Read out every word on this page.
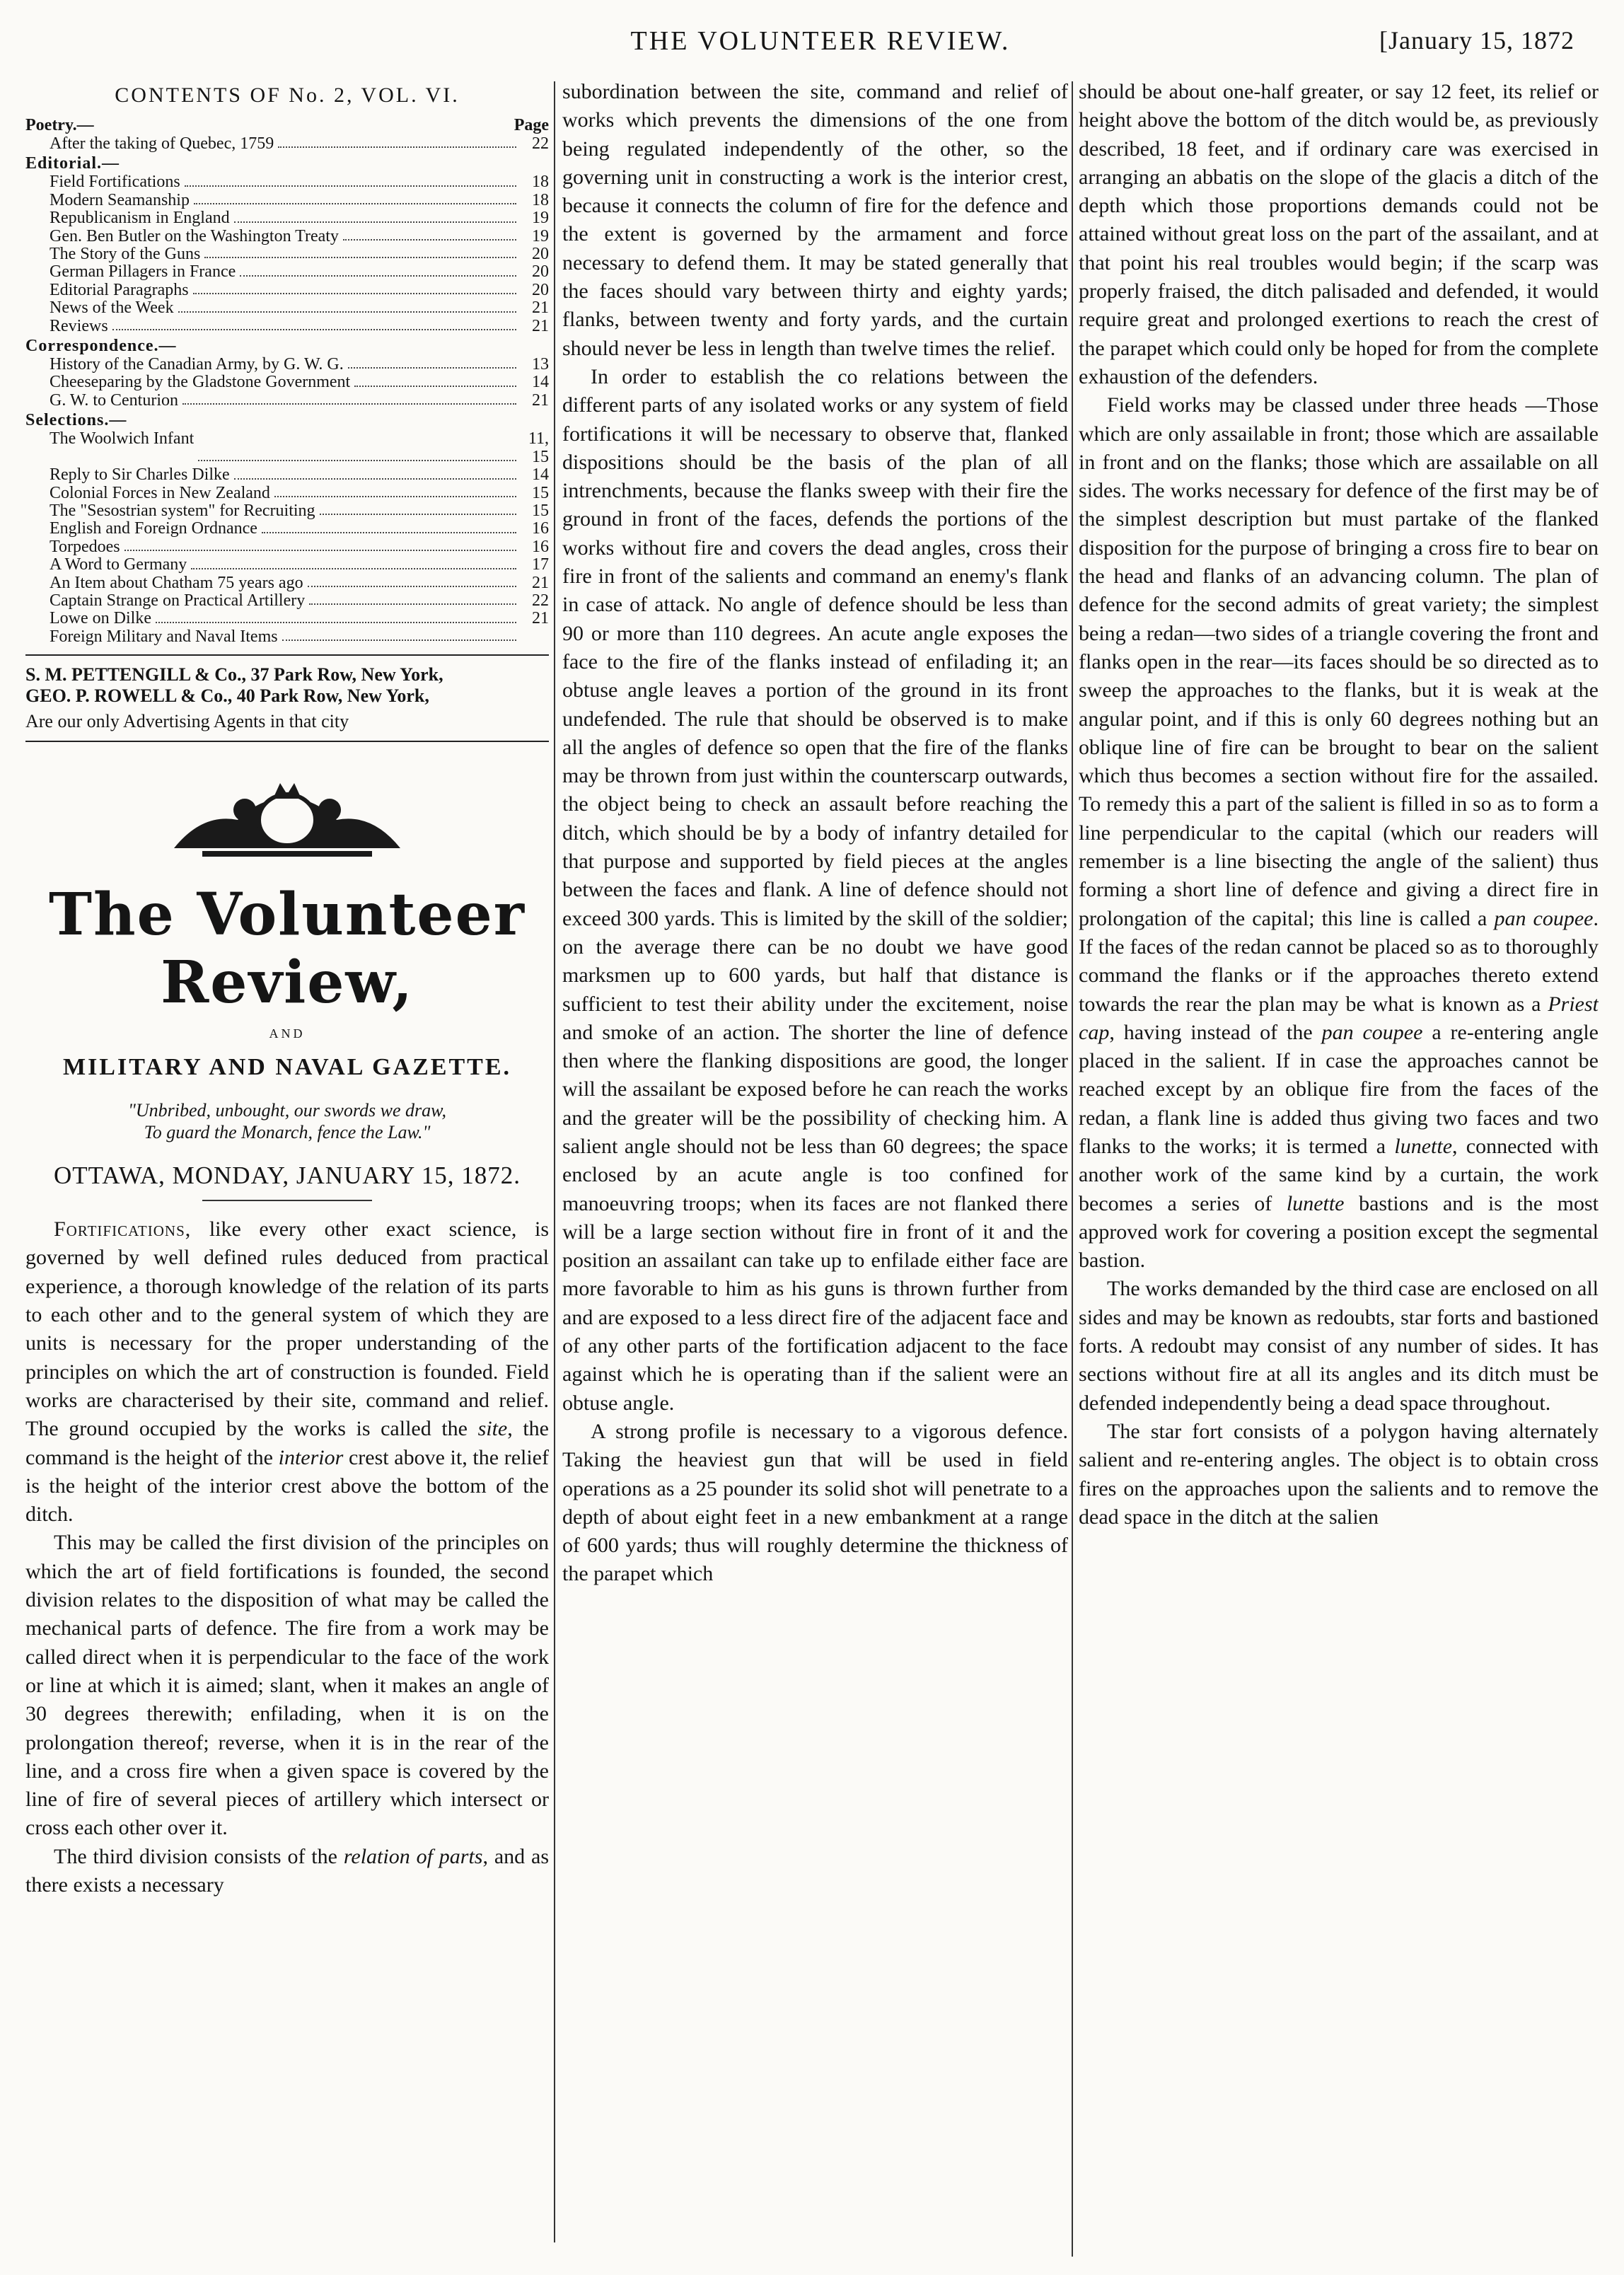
THE VOLUNTEER REVIEW.	[January 15, 1872
CONTENTS OF No. 2, VOL. VI.
Poetry.—	Page
After the taking of Quebec, 1759	22
Editorial.—
Field Fortifications	18
Modern Seamanship	18
Republicanism in England	19
Gen. Ben Butler on the Washington Treaty	19
The Story of the Guns	20
German Pillagers in France	20
Editorial Paragraphs	20
News of the Week	21
Reviews	21
Correspondence.—
History of the Canadian Army, by G. W. G.	13
Cheeseparing by the Gladstone Government	14
G. W. to Centurion	21
Selections.—
The Woolwich Infant	11, 15
Reply to Sir Charles Dilke	14
Colonial Forces in New Zealand	15
The "Sesostrian system" for Recruiting	15
English and Foreign Ordnance	16
Torpedoes	16
A Word to Germany	17
An Item about Chatham 75 years ago	21
Captain Strange on Practical Artillery	22
Lowe on Dilke	21
Foreign Military and Naval Items
S. M. PETTENGILL & Co., 37 Park Row, New York,
GEO. P. ROWELL & Co., 40 Park Row, New York,
Are our only Advertising Agents in that city
The Volunteer Review,
AND
MILITARY AND NAVAL GAZETTE.
"Unbribed, unbought, our swords we draw,
To guard the Monarch, fence the Law."
OTTAWA, MONDAY, JANUARY 15, 1872.

Fortifications, like every other exact science, is governed by well defined rules deduced from practical experience, a thorough knowledge of the relation of its parts to each other and to the general system of which they are units is necessary for the proper understanding of the principles on which the art of construction is founded. Field works are characterised by their site, command and relief. The ground occupied by the works is called the site, the command is the height of the interior crest above it, the relief is the height of the interior crest above the bottom of the ditch.

This may be called the first division of the principles on which the art of field fortifications is founded, the second division relates to the disposition of what may be called the mechanical parts of defence. The fire from a work may be called direct when it is perpendicular to the face of the work or line at which it is aimed; slant, when it makes an angle of 30 degrees therewith; enfilading, when it is on the prolongation thereof; reverse, when it is in the rear of the line, and a cross fire when a given space is covered by the line of fire of several pieces of artillery which intersect or cross each other over it.

The third division consists of the relation of parts, and as there exists a necessary

subordination between the site, command and relief of works which prevents the dimensions of the one from being regulated independently of the other, so the governing unit in constructing a work is the interior crest, because it connects the column of fire for the defence and the extent is governed by the armament and force necessary to defend them. It may be stated generally that the faces should vary between thirty and eighty yards; flanks, between twenty and forty yards, and the curtain should never be less in length than twelve times the relief.

In order to establish the co relations between the different parts of any isolated works or any system of field fortifications it will be necessary to observe that, flanked dispositions should be the basis of the plan of all intrenchments, because the flanks sweep with their fire the ground in front of the faces, defends the portions of the works without fire and covers the dead angles, cross their fire in front of the salients and command an enemy's flank in case of attack. No angle of defence should be less than 90 or more than 110 degrees. An acute angle exposes the face to the fire of the flanks instead of enfilading it; an obtuse angle leaves a portion of the ground in its front undefended. The rule that should be observed is to make all the angles of defence so open that the fire of the flanks may be thrown from just within the counterscarp outwards, the object being to check an assault before reaching the ditch, which should be by a body of infantry detailed for that purpose and supported by field pieces at the angles between the faces and flank. A line of defence should not exceed 300 yards. This is limited by the skill of the soldier; on the average there can be no doubt we have good marksmen up to 600 yards, but half that distance is sufficient to test their ability under the excitement, noise and smoke of an action. The shorter the line of defence then where the flanking dispositions are good, the longer will the assailant be exposed before he can reach the works and the greater will be the possibility of checking him. A salient angle should not be less than 60 degrees; the space enclosed by an acute angle is too confined for manoeuvring troops; when its faces are not flanked there will be a large section without fire in front of it and the position an assailant can take up to enfilade either face are more favorable to him as his guns is thrown further from and are exposed to a less direct fire of the adjacent face and of any other parts of the fortification adjacent to the face against which he is operating than if the salient were an obtuse angle.

A strong profile is necessary to a vigorous defence. Taking the heaviest gun that will be used in field operations as a 25 pounder its solid shot will penetrate to a depth of about eight feet in a new embankment at a range of 600 yards; thus will roughly determine the thickness of the parapet which

should be about one-half greater, or say 12 feet, its relief or height above the bottom of the ditch would be, as previously described, 18 feet, and if ordinary care was exercised in arranging an abbatis on the slope of the glacis a ditch of the depth which those proportions demands could not be attained without great loss on the part of the assailant, and at that point his real troubles would begin; if the scarp was properly fraised, the ditch palisaded and defended, it would require great and prolonged exertions to reach the crest of the parapet which could only be hoped for from the complete exhaustion of the defenders.

Field works may be classed under three heads —Those which are only assailable in front; those which are assailable in front and on the flanks; those which are assailable on all sides. The works necessary for defence of the first may be of the simplest description but must partake of the flanked disposition for the purpose of bringing a cross fire to bear on the head and flanks of an advancing column. The plan of defence for the second admits of great variety; the simplest being a redan—two sides of a triangle covering the front and flanks open in the rear—its faces should be so directed as to sweep the approaches to the flanks, but it is weak at the angular point, and if this is only 60 degrees nothing but an oblique line of fire can be brought to bear on the salient which thus becomes a section without fire for the assailed. To remedy this a part of the salient is filled in so as to form a line perpendicular to the capital (which our readers will remember is a line bisecting the angle of the salient) thus forming a short line of defence and giving a direct fire in prolongation of the capital; this line is called a pan coupee. If the faces of the redan cannot be placed so as to thoroughly command the flanks or if the approaches thereto extend towards the rear the plan may be what is known as a Priest cap, having instead of the pan coupee a re-entering angle placed in the salient. If in case the approaches cannot be reached except by an oblique fire from the faces of the redan, a flank line is added thus giving two faces and two flanks to the works; it is termed a lunette, connected with another work of the same kind by a curtain, the work becomes a series of lunette bastions and is the most approved work for covering a position except the segmental bastion.

The works demanded by the third case are enclosed on all sides and may be known as redoubts, star forts and bastioned forts. A redoubt may consist of any number of sides. It has sections without fire at all its angles and its ditch must be defended independently being a dead space throughout.

The star fort consists of a polygon having alternately salient and re-entering angles. The object is to obtain cross fires on the approaches upon the salients and to remove the dead space in the ditch at the salien
